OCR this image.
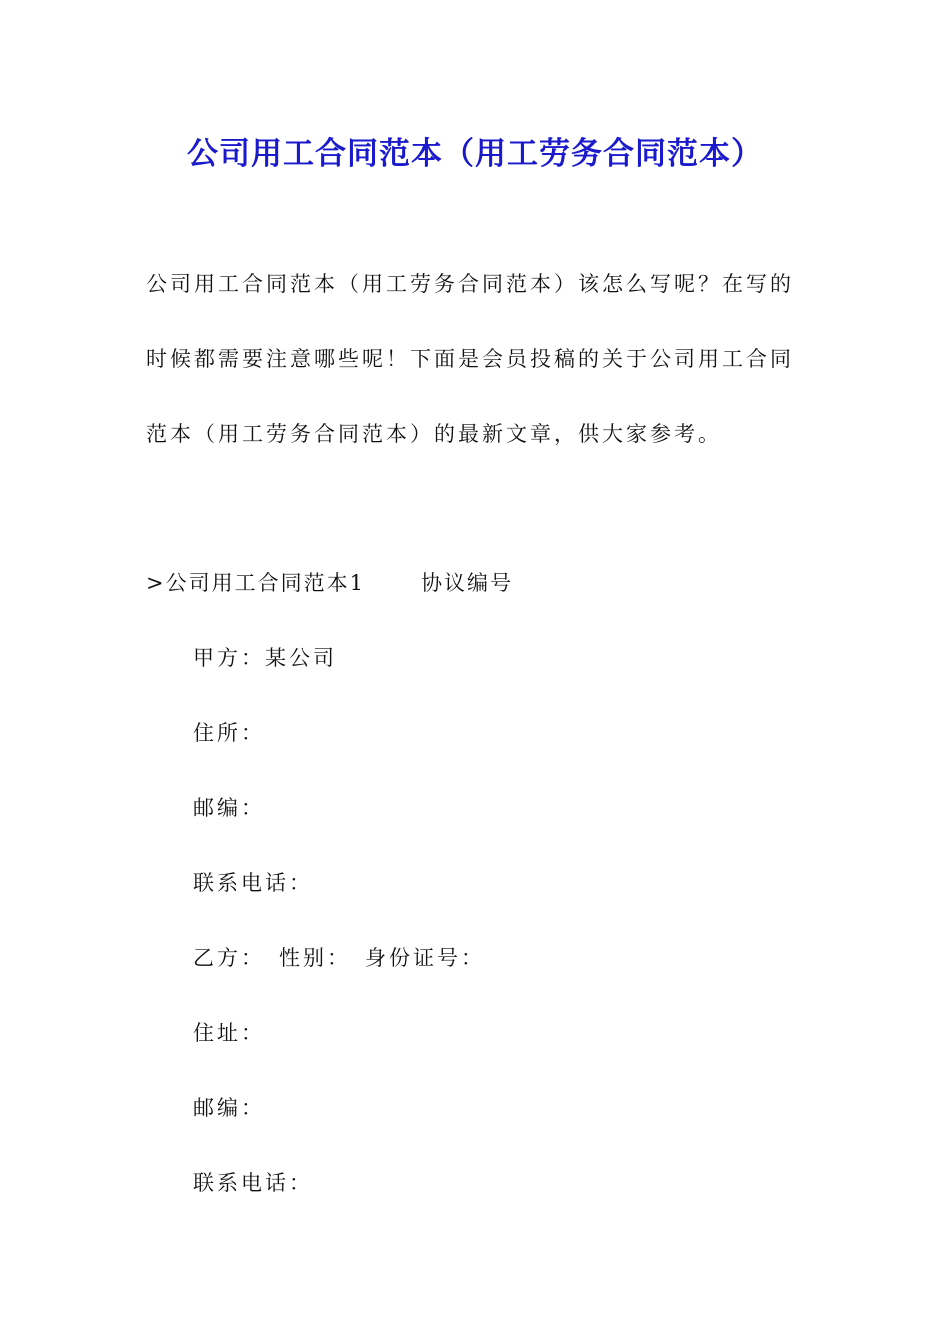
公司用工合同范本（用工劳务合同范本）
公司用工合同范本（用工劳务合同范本）该怎么写呢？在写的
时候都需要注意哪些呢！下面是会员投稿的关于公司用工合同
范本（用工劳务合同范本）的最新文章，供大家参考。
>公司用工合同范本1	协议编号
甲方：某公司
住所：
邮编：
联系电话：
乙方： 性别： 身份证号：
住址：
邮编：
联系电话：
